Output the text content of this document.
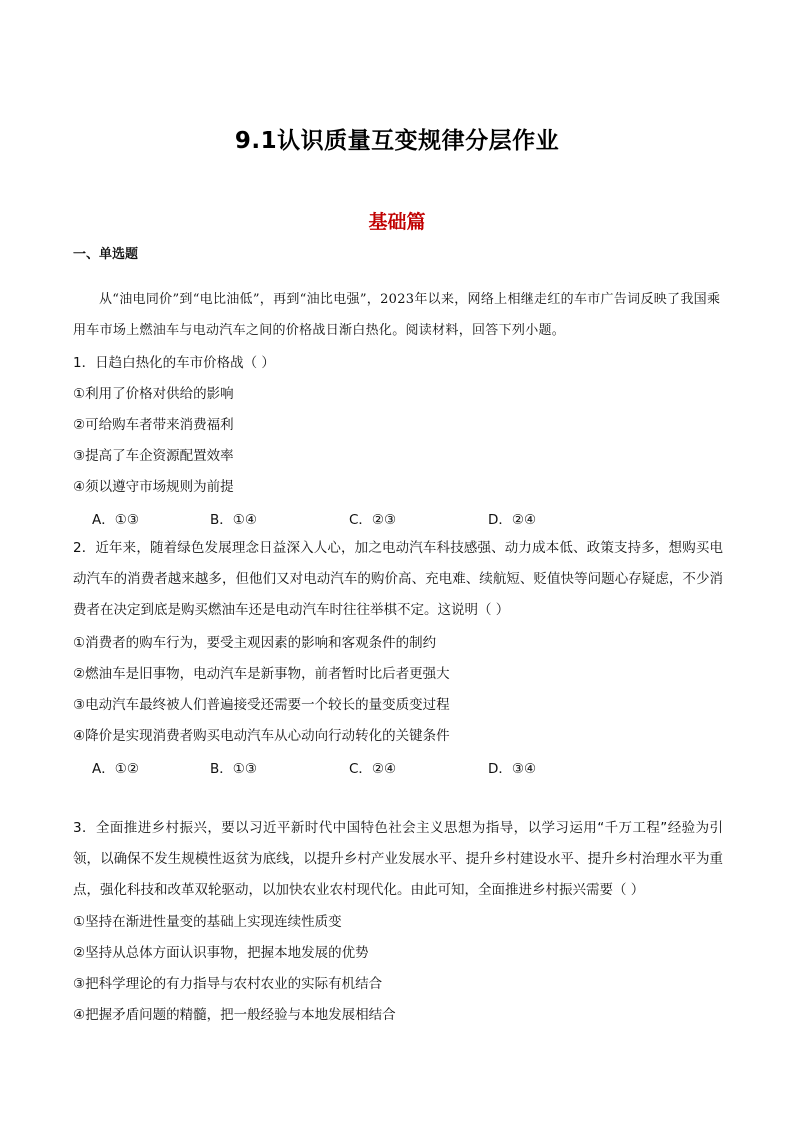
9.1认识质量互变规律分层作业
基础篇
一、单选题
从“油电同价”到“电比油低”，再到“油比电强”，2023年以来，网络上相继走红的车市广告词反映了我国乘用车市场上燃油车与电动汽车之间的价格战日渐白热化。阅读材料，回答下列小题。
1．日趋白热化的车市价格战（ ）
①利用了价格对供给的影响
②可给购车者带来消费福利
③提高了车企资源配置效率
④须以遵守市场规则为前提
A．①③	B．①④	C．②③	D．②④
2．近年来，随着绿色发展理念日益深入人心，加之电动汽车科技感强、动力成本低、政策支持多，想购买电动汽车的消费者越来越多，但他们又对电动汽车的购价高、充电难、续航短、贬值快等问题心存疑虑，不少消费者在决定到底是购买燃油车还是电动汽车时往往举棋不定。这说明（ ）
①消费者的购车行为，要受主观因素的影响和客观条件的制约
②燃油车是旧事物，电动汽车是新事物，前者暂时比后者更强大
③电动汽车最终被人们普遍接受还需要一个较长的量变质变过程
④降价是实现消费者购买电动汽车从心动向行动转化的关键条件
A．①②	B．①③	C．②④	D．③④
3．全面推进乡村振兴，要以习近平新时代中国特色社会主义思想为指导，以学习运用“千万工程”经验为引领，以确保不发生规模性返贫为底线，以提升乡村产业发展水平、提升乡村建设水平、提升乡村治理水平为重点，强化科技和改革双轮驱动，以加快农业农村现代化。由此可知，全面推进乡村振兴需要（ ）
①坚持在渐进性量变的基础上实现连续性质变
②坚持从总体方面认识事物，把握本地发展的优势
③把科学理论的有力指导与农村农业的实际有机结合
④把握矛盾问题的精髓，把一般经验与本地发展相结合
